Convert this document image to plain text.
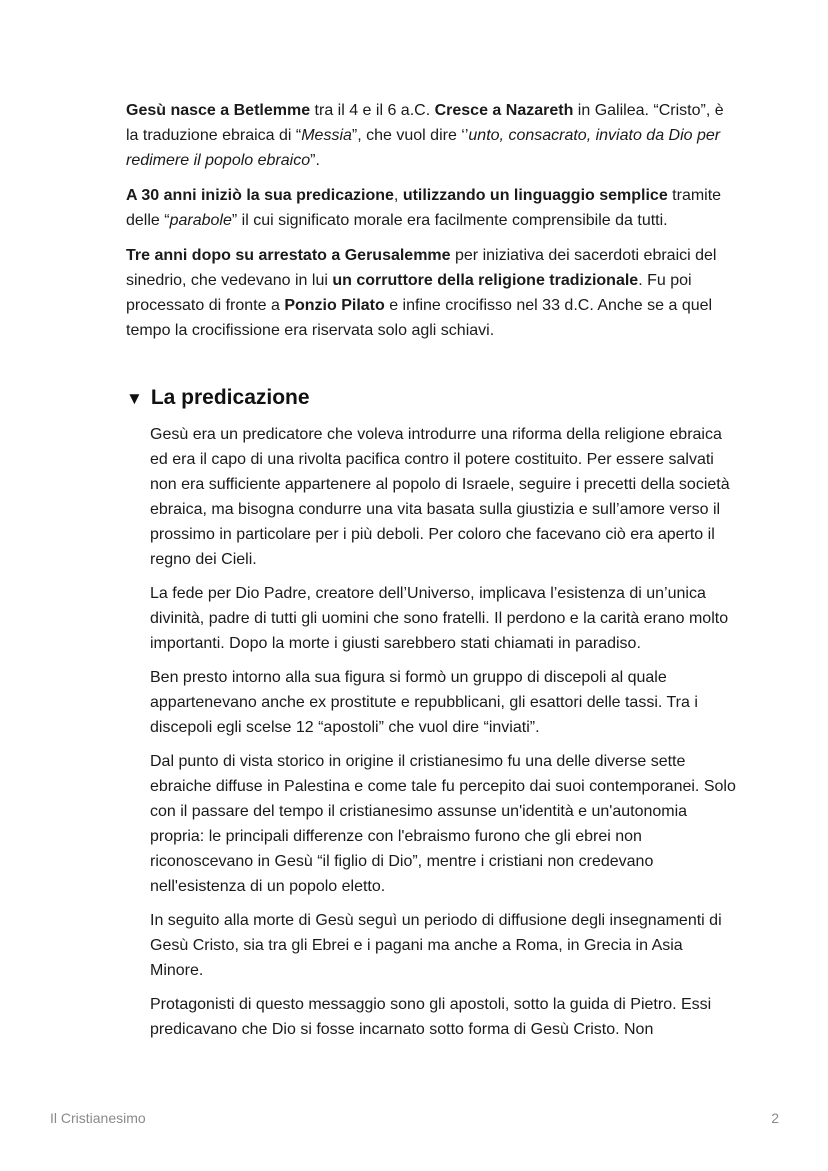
Gesù nasce a Betlemme tra il 4 e il 6 a.C. Cresce a Nazareth in Galilea. “Cristo”, è la traduzione ebraica di “Messia”, che vuol dire ‘’unto, consacrato, inviato da Dio per redimere il popolo ebraico”.

A 30 anni iniziò la sua predicazione, utilizzando un linguaggio semplice tramite delle “parabole” il cui significato morale era facilmente comprensibile da tutti.

Tre anni dopo su arrestato a Gerusalemme per iniziativa dei sacerdoti ebraici del sinedrio, che vedevano in lui un corruttore della religione tradizionale. Fu poi processato di fronte a Ponzio Pilato e infine crocifisso nel 33 d.C. Anche se a quel tempo la crocifissione era riservata solo agli schiavi.

▼ La predicazione

Gesù era un predicatore che voleva introdurre una riforma della religione ebraica ed era il capo di una rivolta pacifica contro il potere costituito. Per essere salvati non era sufficiente appartenere al popolo di Israele, seguire i precetti della società ebraica, ma bisogna condurre una vita basata sulla giustizia e sull’amore verso il prossimo in particolare per i più deboli. Per coloro che facevano ciò era aperto il regno dei Cieli.

La fede per Dio Padre, creatore dell’Universo, implicava l’esistenza di un’unica divinità, padre di tutti gli uomini che sono fratelli. Il perdono e la carità erano molto importanti. Dopo la morte i giusti sarebbero stati chiamati in paradiso.

Ben presto intorno alla sua figura si formò un gruppo di discepoli al quale appartenevano anche ex prostitute e repubblicani, gli esattori delle tassi. Tra i discepoli egli scelse 12 “apostoli” che vuol dire “inviati”.

Dal punto di vista storico in origine il cristianesimo fu una delle diverse sette ebraiche diffuse in Palestina e come tale fu percepito dai suoi contemporanei. Solo con il passare del tempo il cristianesimo assunse un'identità e un'autonomia propria: le principali differenze con l'ebraismo furono che gli ebrei non riconoscevano in Gesù “il figlio di Dio”, mentre i cristiani non credevano nell'esistenza di un popolo eletto.

In seguito alla morte di Gesù seguì un periodo di diffusione degli insegnamenti di Gesù Cristo, sia tra gli Ebrei e i pagani ma anche a Roma, in Grecia in Asia Minore.

Protagonisti di questo messaggio sono gli apostoli, sotto la guida di Pietro. Essi predicavano che Dio si fosse incarnato sotto forma di Gesù Cristo. Non

Il Cristianesimo	2
